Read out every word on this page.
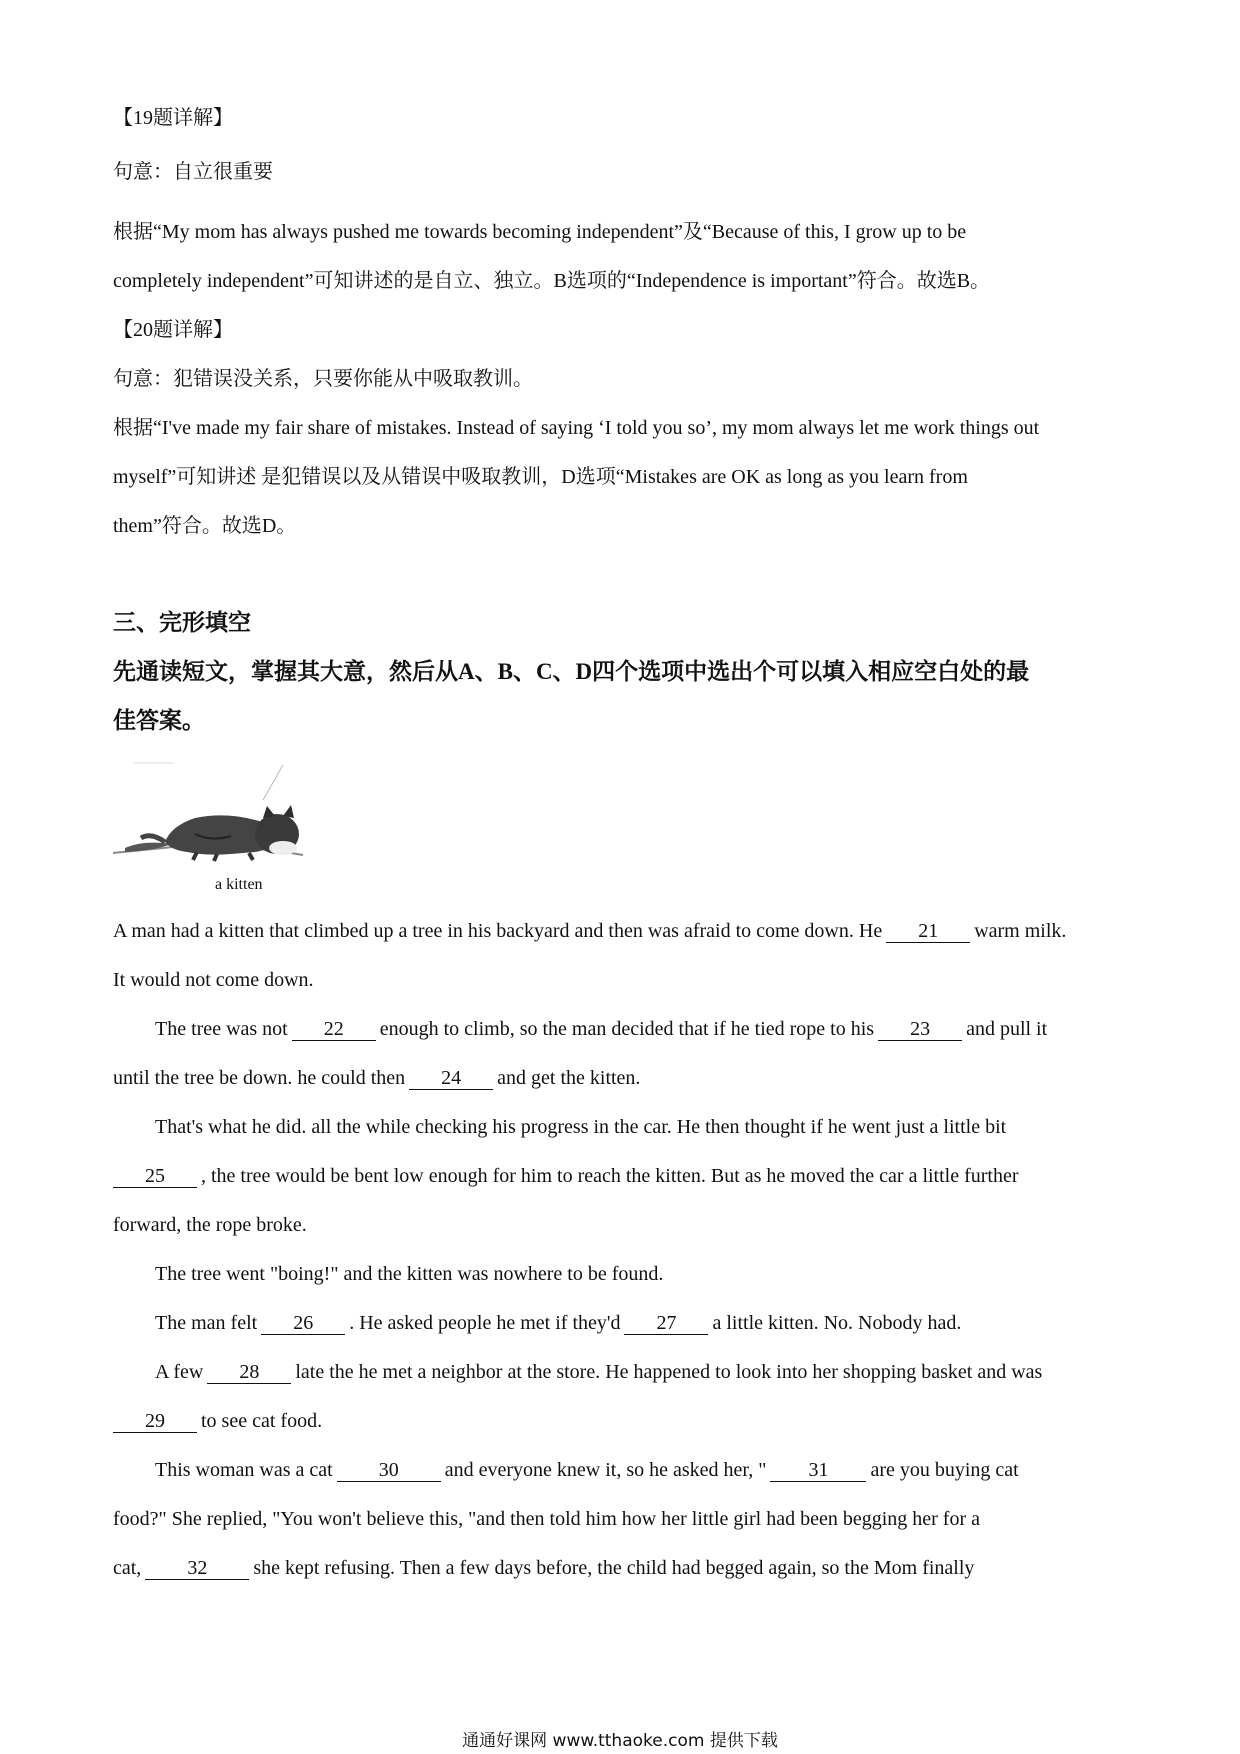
【19题详解】
句意：自立很重要
根据“My mom has always pushed me towards becoming independent”及“Because of this, I grow up to be
completely independent”可知讲述的是自立、独立。B选项的“Independence is important”符合。故选B。
【20题详解】
句意：犯错误没关系，只要你能从中吸取教训。
根据“I've made my fair share of mistakes. Instead of saying ‘I told you so’, my mom always let me work things out
myself”可知讲述 是犯错误以及从错误中吸取教训，D选项“Mistakes are OK as long as you learn from
them”符合。故选D。
三、完形填空
先通读短文，掌握其大意，然后从A、B、C、D四个选项中选出个可以填入相应空白处的最
佳答案。
a kitten
A man had a kitten that climbed up a tree in his backyard and then was afraid to come down. He 21 warm milk.
It would not come down.
The tree was not 22 enough to climb, so the man decided that if he tied rope to his 23 and pull it
until the tree be down. he could then 24 and get the kitten.
That's what he did. all the while checking his progress in the car. He then thought if he went just a little bit
25 , the tree would be bent low enough for him to reach the kitten. But as he moved the car a little further
forward, the rope broke.
The tree went "boing!" and the kitten was nowhere to be found.
The man felt 26 . He asked people he met if they'd 27 a little kitten. No. Nobody had.
A few 28 late the he met a neighbor at the store. He happened to look into her shopping basket and was
29 to see cat food.
This woman was a cat 30 and everyone knew it, so he asked her, " 31 are you buying cat
food?" She replied, "You won't believe this, "and then told him how her little girl had been begging her for a
cat, 32 she kept refusing. Then a few days before, the child had begged again, so the Mom finally
通通好课网 www.tthaoke.com 提供下载
